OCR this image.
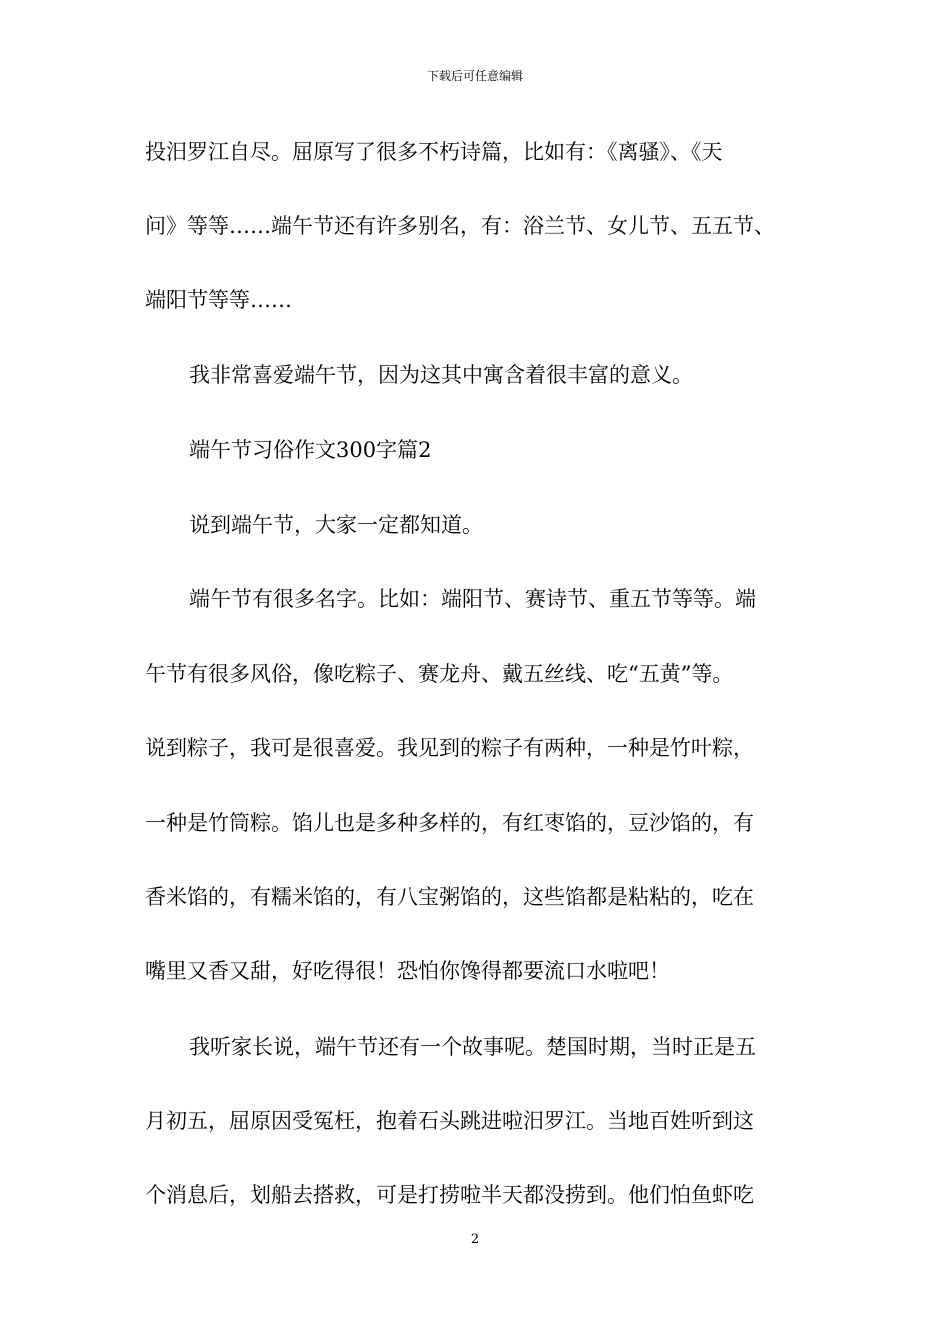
下载后可任意编辑
投汨罗江自尽。屈原写了很多不朽诗篇，比如有：《离骚》、《天
问》等等……端午节还有许多别名，有：浴兰节、女儿节、五五节、
端阳节等等……
我非常喜爱端午节，因为这其中寓含着很丰富的意义。
端午节习俗作文300字篇2
说到端午节，大家一定都知道。
端午节有很多名字。比如：端阳节、赛诗节、重五节等等。端
午节有很多风俗，像吃粽子、赛龙舟、戴五丝线、吃“五黄”等。
说到粽子，我可是很喜爱。我见到的粽子有两种，一种是竹叶粽，
一种是竹筒粽。馅儿也是多种多样的，有红枣馅的，豆沙馅的，有
香米馅的，有糯米馅的，有八宝粥馅的，这些馅都是粘粘的，吃在
嘴里又香又甜，好吃得很！恐怕你馋得都要流口水啦吧！
我听家长说，端午节还有一个故事呢。楚国时期，当时正是五
月初五，屈原因受冤枉，抱着石头跳进啦汨罗江。当地百姓听到这
个消息后，划船去搭救，可是打捞啦半天都没捞到。他们怕鱼虾吃
2
